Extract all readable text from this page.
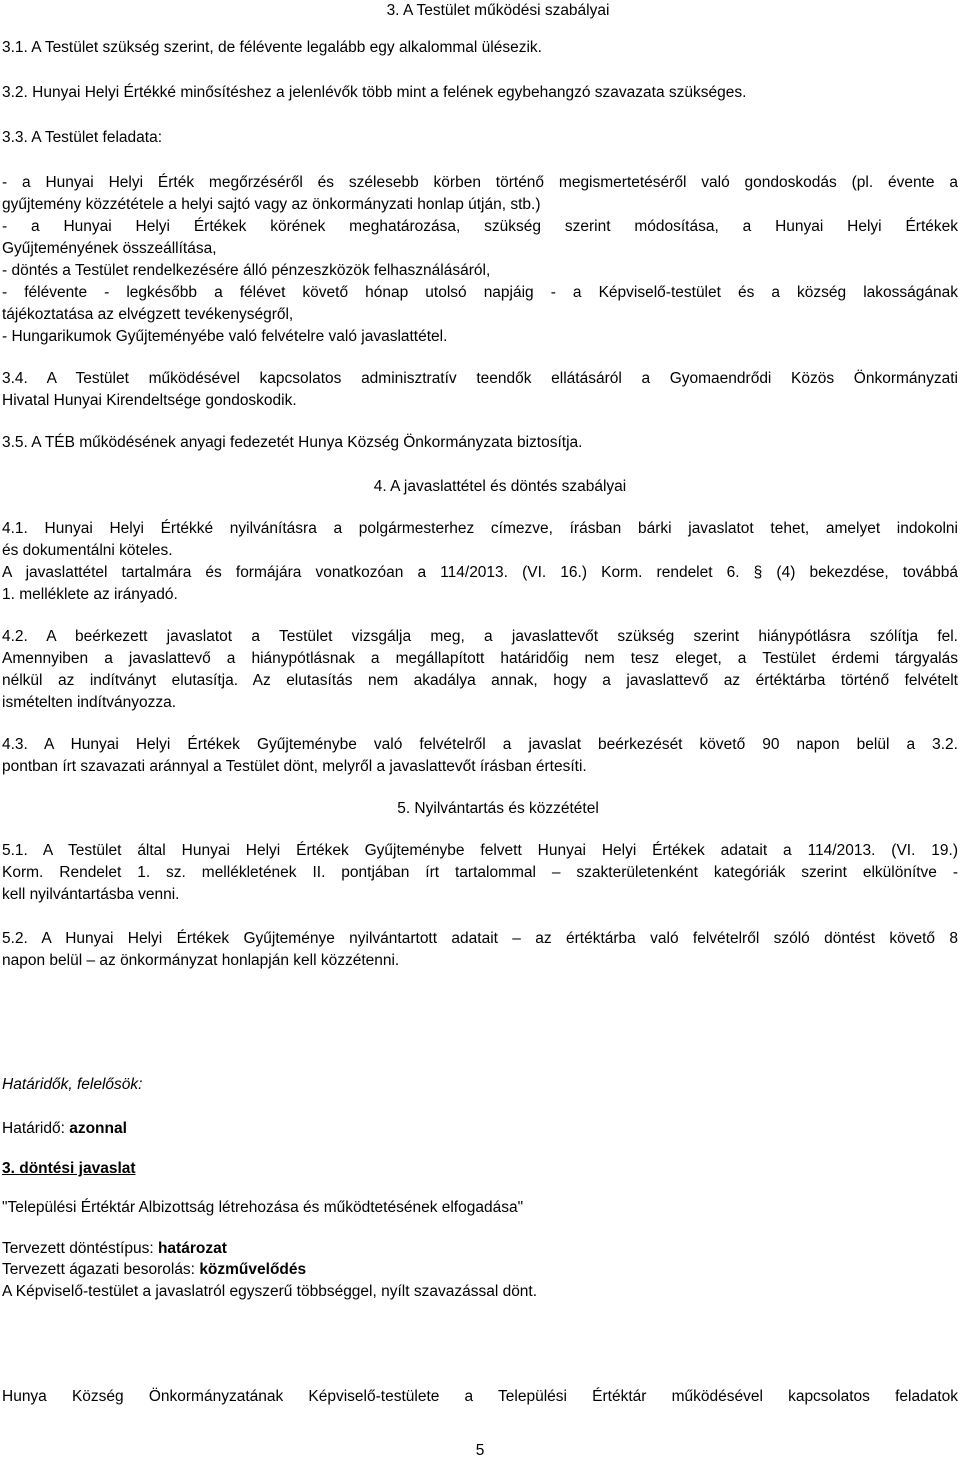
3. A Testület működési szabályai
3.1. A Testület szükség szerint, de félévente legalább egy alkalommal ülésezik.
3.2. Hunyai Helyi Értékké minősítéshez a jelenlévők több mint a felének egybehangzó szavazata szükséges.
3.3. A Testület feladata:
- a Hunyai Helyi Érték megőrzéséről és szélesebb körben történő megismertetéséről való gondoskodás (pl. évente a
gyűjtemény közzététele a helyi sajtó vagy az önkormányzati honlap útján, stb.)
- a Hunyai Helyi Értékek körének meghatározása, szükség szerint módosítása, a Hunyai Helyi Értékek
Gyűjteményének összeállítása,
- döntés a Testület rendelkezésére álló pénzeszközök felhasználásáról,
- félévente - legkésőbb a félévet követő hónap utolsó napjáig - a Képviselő-testület és a község lakosságának
tájékoztatása az elvégzett tevékenységről,
- Hungarikumok Gyűjteményébe való felvételre való javaslattétel.
3.4. A Testület működésével kapcsolatos adminisztratív teendők ellátásáról a Gyomaendrődi Közös Önkormányzati
Hivatal Hunyai Kirendeltsége gondoskodik.
3.5. A TÉB működésének anyagi fedezetét Hunya Község Önkormányzata biztosítja.
4. A javaslattétel és döntés szabályai
4.1. Hunyai Helyi Értékké nyilvánításra a polgármesterhez címezve, írásban bárki javaslatot tehet, amelyet indokolni
és dokumentálni köteles.
A javaslattétel tartalmára és formájára vonatkozóan a 114/2013. (VI. 16.) Korm. rendelet 6. § (4) bekezdése, továbbá
1. melléklete az irányadó.
4.2. A beérkezett javaslatot a Testület vizsgálja meg, a javaslattevőt szükség szerint hiánypótlásra szólítja fel.
Amennyiben a javaslattevő a hiánypótlásnak a megállapított határidőig nem tesz eleget, a Testület érdemi tárgyalás
nélkül az indítványt elutasítja. Az elutasítás nem akadálya annak, hogy a javaslattevő az értéktárba történő felvételt
ismételten indítványozza.
4.3. A Hunyai Helyi Értékek Gyűjteménybe való felvételről a javaslat beérkezését követő 90 napon belül a 3.2.
pontban írt szavazati aránnyal a Testület dönt, melyről a javaslattevőt írásban értesíti.
5. Nyilvántartás és közzététel
5.1. A Testület által Hunyai Helyi Értékek Gyűjteménybe felvett Hunyai Helyi Értékek adatait a 114/2013. (VI. 19.)
Korm. Rendelet 1. sz. mellékletének II. pontjában írt tartalommal – szakterületenként kategóriák szerint elkülönítve -
kell nyilvántartásba venni.
5.2. A Hunyai Helyi Értékek Gyűjteménye nyilvántartott adatait – az értéktárba való felvételről szóló döntést követő 8
napon belül – az önkormányzat honlapján kell közzétenni.
Határidők, felelősök:
Határidő: azonnal
3. döntési javaslat
"Települési Értéktár Albizottság létrehozása és működtetésének elfogadása"
Tervezett döntéstípus: határozat
Tervezett ágazati besorolás: közművelődés
A Képviselő-testület a javaslatról egyszerű többséggel, nyílt szavazással dönt.
Hunya Község Önkormányzatának Képviselő-testülete a Települési Értéktár működésével kapcsolatos feladatok
5
